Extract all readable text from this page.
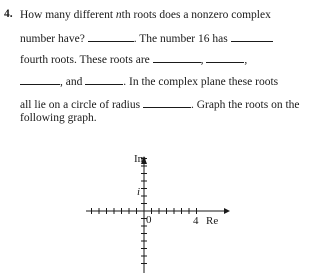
4. How many different nth roots does a nonzero complex
number have?	. The number 16 has
fourth roots. These roots are	,	,
, and	. In the complex plane these roots
all lie on a circle of radius	. Graph the roots on the
following graph.
Im
Re
0	4
i
